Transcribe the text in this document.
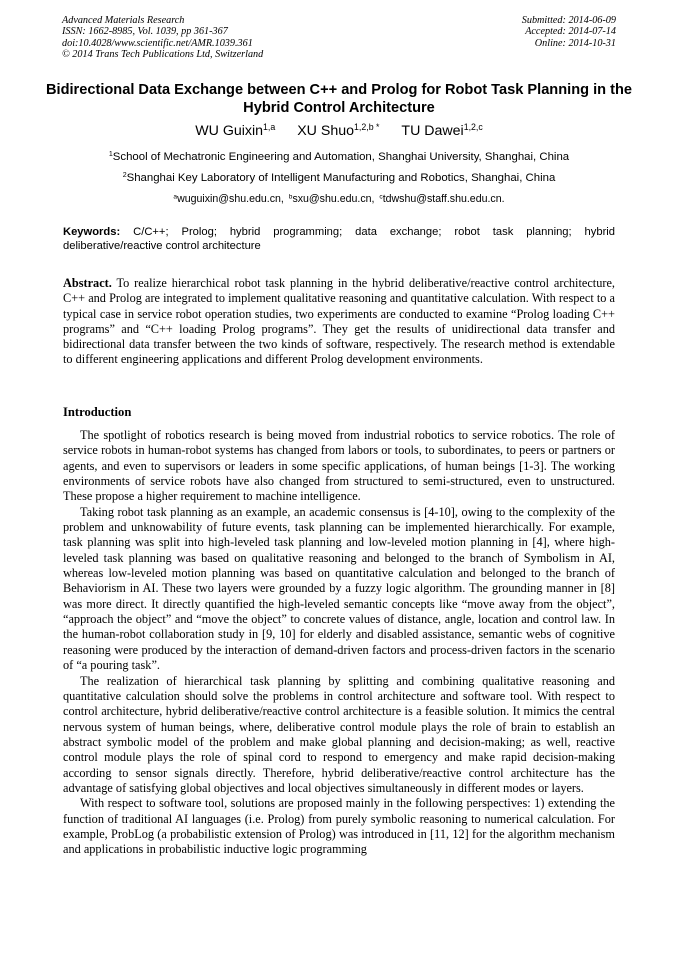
Advanced Materials Research
ISSN: 1662-8985, Vol. 1039, pp 361-367
doi:10.4028/www.scientific.net/AMR.1039.361
© 2014 Trans Tech Publications Ltd, Switzerland
Submitted: 2014-06-09
Accepted: 2014-07-14
Online: 2014-10-31
Bidirectional Data Exchange between C++ and Prolog for Robot Task Planning in the Hybrid Control Architecture
WU Guixin$^{1,a}$ XU Shuo$^{1,2,b *}$ TU Dawei$^{1,2,c}$
$^1$School of Mechatronic Engineering and Automation, Shanghai University, Shanghai, China
$^2$Shanghai Key Laboratory of Intelligent Manufacturing and Robotics, Shanghai, China
$^a$wuguixin@shu.edu.cn, $^b$sxu@shu.edu.cn, $^c$tdwshu@staff.shu.edu.cn.
Keywords: C/C++; Prolog; hybrid programming; data exchange; robot task planning; hybrid deliberative/reactive control architecture
Abstract. To realize hierarchical robot task planning in the hybrid deliberative/reactive control architecture, C++ and Prolog are integrated to implement qualitative reasoning and quantitative calculation. With respect to a typical case in service robot operation studies, two experiments are conducted to examine “Prolog loading C++ programs” and “C++ loading Prolog programs”. They get the results of unidirectional data transfer and bidirectional data transfer between the two kinds of software, respectively. The research method is extendable to different engineering applications and different Prolog development environments.
Introduction

The spotlight of robotics research is being moved from industrial robotics to service robotics. The role of service robots in human-robot systems has changed from labors or tools, to subordinates, to peers or partners or agents, and even to supervisors or leaders in some specific applications, of human beings [1-3]. The working environments of service robots have also changed from structured to semi-structured, even to unstructured. These propose a higher requirement to machine intelligence.

Taking robot task planning as an example, an academic consensus is [4-10], owing to the complexity of the problem and unknowability of future events, task planning can be implemented hierarchically. For example, task planning was split into high-leveled task planning and low-leveled motion planning in [4], where high-leveled task planning was based on qualitative reasoning and belonged to the branch of Symbolism in AI, whereas low-leveled motion planning was based on quantitative calculation and belonged to the branch of Behaviorism in AI. These two layers were grounded by a fuzzy logic algorithm. The grounding manner in [8] was more direct. It directly quantified the high-leveled semantic concepts like “move away from the object”, “approach the object” and “move the object” to concrete values of distance, angle, location and control law. In the human-robot collaboration study in [9, 10] for elderly and disabled assistance, semantic webs of cognitive reasoning were produced by the interaction of demand-driven factors and process-driven factors in the scenario of “a pouring task”.

The realization of hierarchical task planning by splitting and combining qualitative reasoning and quantitative calculation should solve the problems in control architecture and software tool. With respect to control architecture, hybrid deliberative/reactive control architecture is a feasible solution. It mimics the central nervous system of human beings, where, deliberative control module plays the role of brain to establish an abstract symbolic model of the problem and make global planning and decision-making; as well, reactive control module plays the role of spinal cord to respond to emergency and make rapid decision-making according to sensor signals directly. Therefore, hybrid deliberative/reactive control architecture has the advantage of satisfying global objectives and local objectives simultaneously in different modes or layers.

With respect to software tool, solutions are proposed mainly in the following perspectives: 1) extending the function of traditional AI languages (i.e. Prolog) from purely symbolic reasoning to numerical calculation. For example, ProbLog (a probabilistic extension of Prolog) was introduced in [11, 12] for the algorithm mechanism and applications in probabilistic inductive logic programming
